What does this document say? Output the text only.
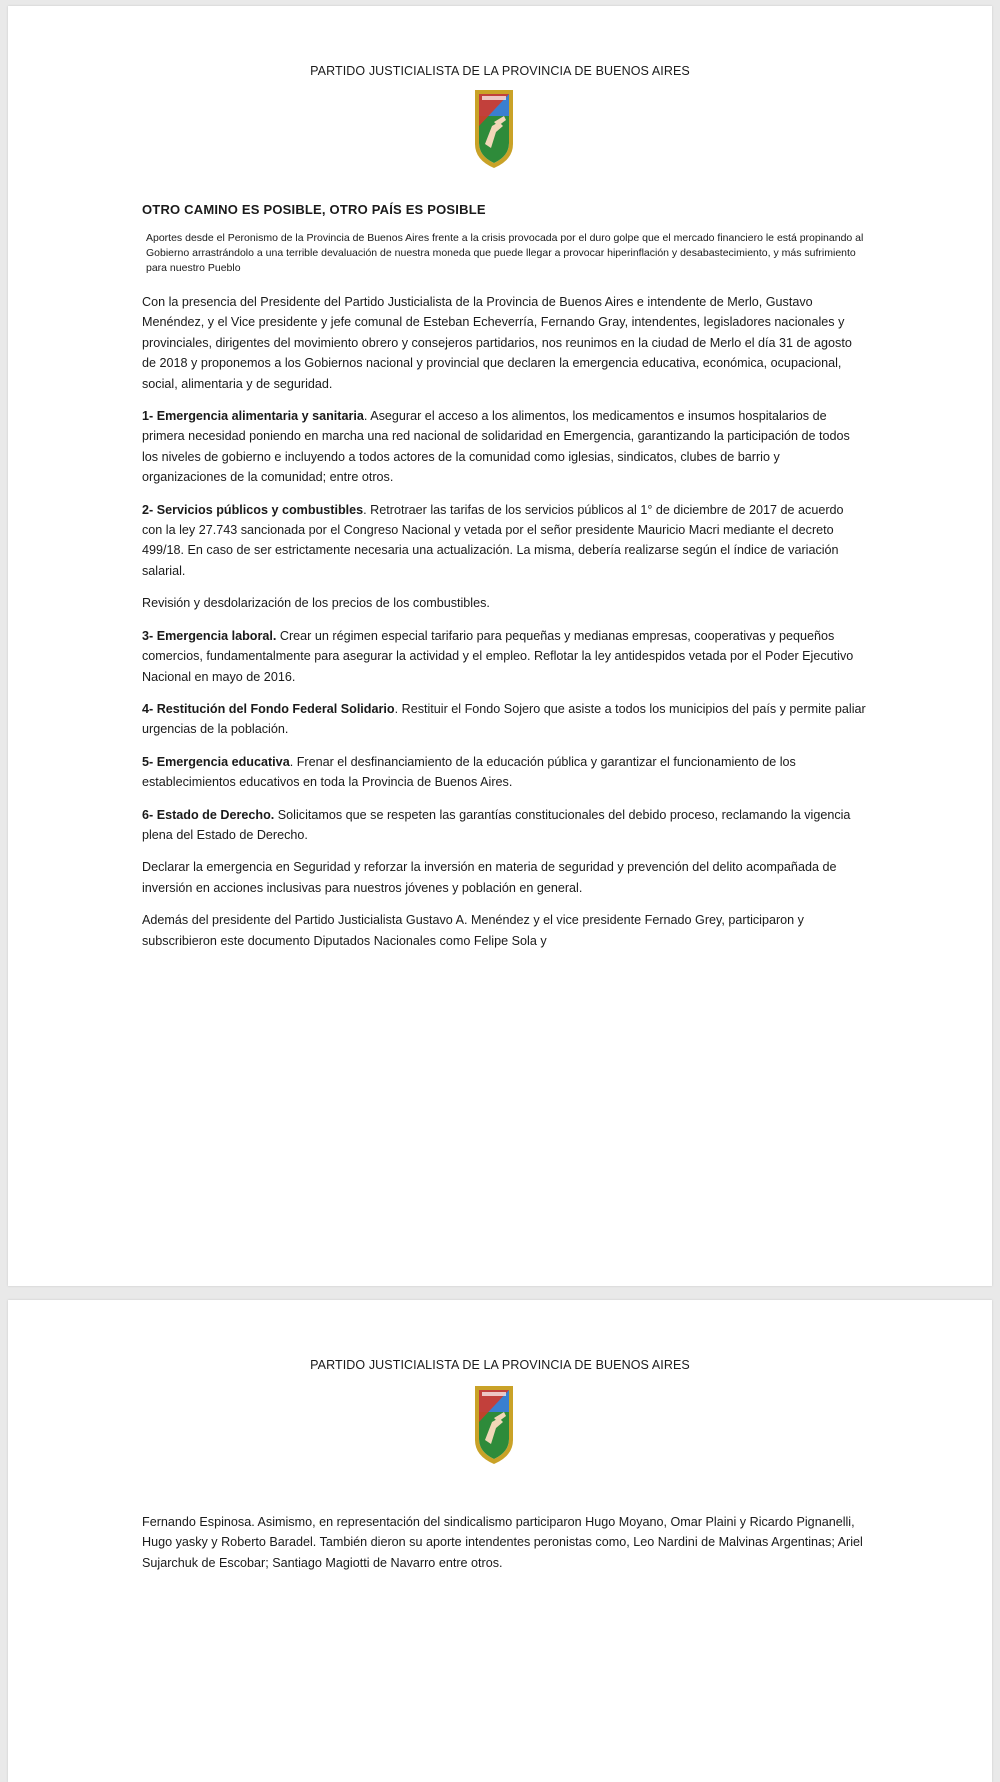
PARTIDO JUSTICIALISTA DE LA PROVINCIA DE BUENOS AIRES
OTRO CAMINO ES POSIBLE, OTRO PAÍS ES POSIBLE
Aportes desde el Peronismo de la Provincia de Buenos Aires frente a la crisis provocada por el duro golpe que el mercado financiero le está propinando al Gobierno arrastrándolo a una terrible devaluación de nuestra moneda que puede llegar a provocar hiperinflación y desabastecimiento, y más sufrimiento para nuestro Pueblo

Con la presencia del Presidente del Partido Justicialista de la Provincia de Buenos Aires e intendente de Merlo, Gustavo Menéndez, y el Vice presidente y jefe comunal de Esteban Echeverría, Fernando Gray, intendentes, legisladores nacionales y provinciales, dirigentes del movimiento obrero y consejeros partidarios, nos reunimos en la ciudad de Merlo el día 31 de agosto de 2018 y proponemos a los Gobiernos nacional y provincial que declaren la emergencia educativa, económica, ocupacional, social, alimentaria y de seguridad.

1- Emergencia alimentaria y sanitaria. Asegurar el acceso a los alimentos, los medicamentos e insumos hospitalarios de primera necesidad poniendo en marcha una red nacional de solidaridad en Emergencia, garantizando la participación de todos los niveles de gobierno e incluyendo a todos actores de la comunidad como iglesias, sindicatos, clubes de barrio y organizaciones de la comunidad; entre otros.

2- Servicios públicos y combustibles. Retrotraer las tarifas de los servicios públicos al 1° de diciembre de 2017 de acuerdo con la ley 27.743 sancionada por el Congreso Nacional y vetada por el señor presidente Mauricio Macri mediante el decreto 499/18. En caso de ser estrictamente necesaria una actualización. La misma, debería realizarse según el índice de variación salarial.

Revisión y desdolarización de los precios de los combustibles.

3- Emergencia laboral. Crear un régimen especial tarifario para pequeñas y medianas empresas, cooperativas y pequeños comercios, fundamentalmente para asegurar la actividad y el empleo. Reflotar la ley antidespidos vetada por el Poder Ejecutivo Nacional en mayo de 2016.

4- Restitución del Fondo Federal Solidario. Restituir el Fondo Sojero que asiste a todos los municipios del país y permite paliar urgencias de la población.

5- Emergencia educativa. Frenar el desfinanciamiento de la educación pública y garantizar el funcionamiento de los establecimientos educativos en toda la Provincia de Buenos Aires.

6- Estado de Derecho. Solicitamos que se respeten las garantías constitucionales del debido proceso, reclamando la vigencia plena del Estado de Derecho.

Declarar la emergencia en Seguridad y reforzar la inversión en materia de seguridad y prevención del delito acompañada de inversión en acciones inclusivas para nuestros jóvenes y población en general.

Además del presidente del Partido Justicialista Gustavo A. Menéndez y el vice presidente Fernado Grey, participaron y subscribieron este documento Diputados Nacionales como Felipe Sola y

PARTIDO JUSTICIALISTA DE LA PROVINCIA DE BUENOS AIRES

Fernando Espinosa. Asimismo, en representación del sindicalismo participaron Hugo Moyano, Omar Plaini y Ricardo Pignanelli, Hugo yasky y Roberto Baradel. También dieron su aporte intendentes peronistas como, Leo Nardini de Malvinas Argentinas; Ariel Sujarchuk de Escobar; Santiago Magiotti de Navarro entre otros.
